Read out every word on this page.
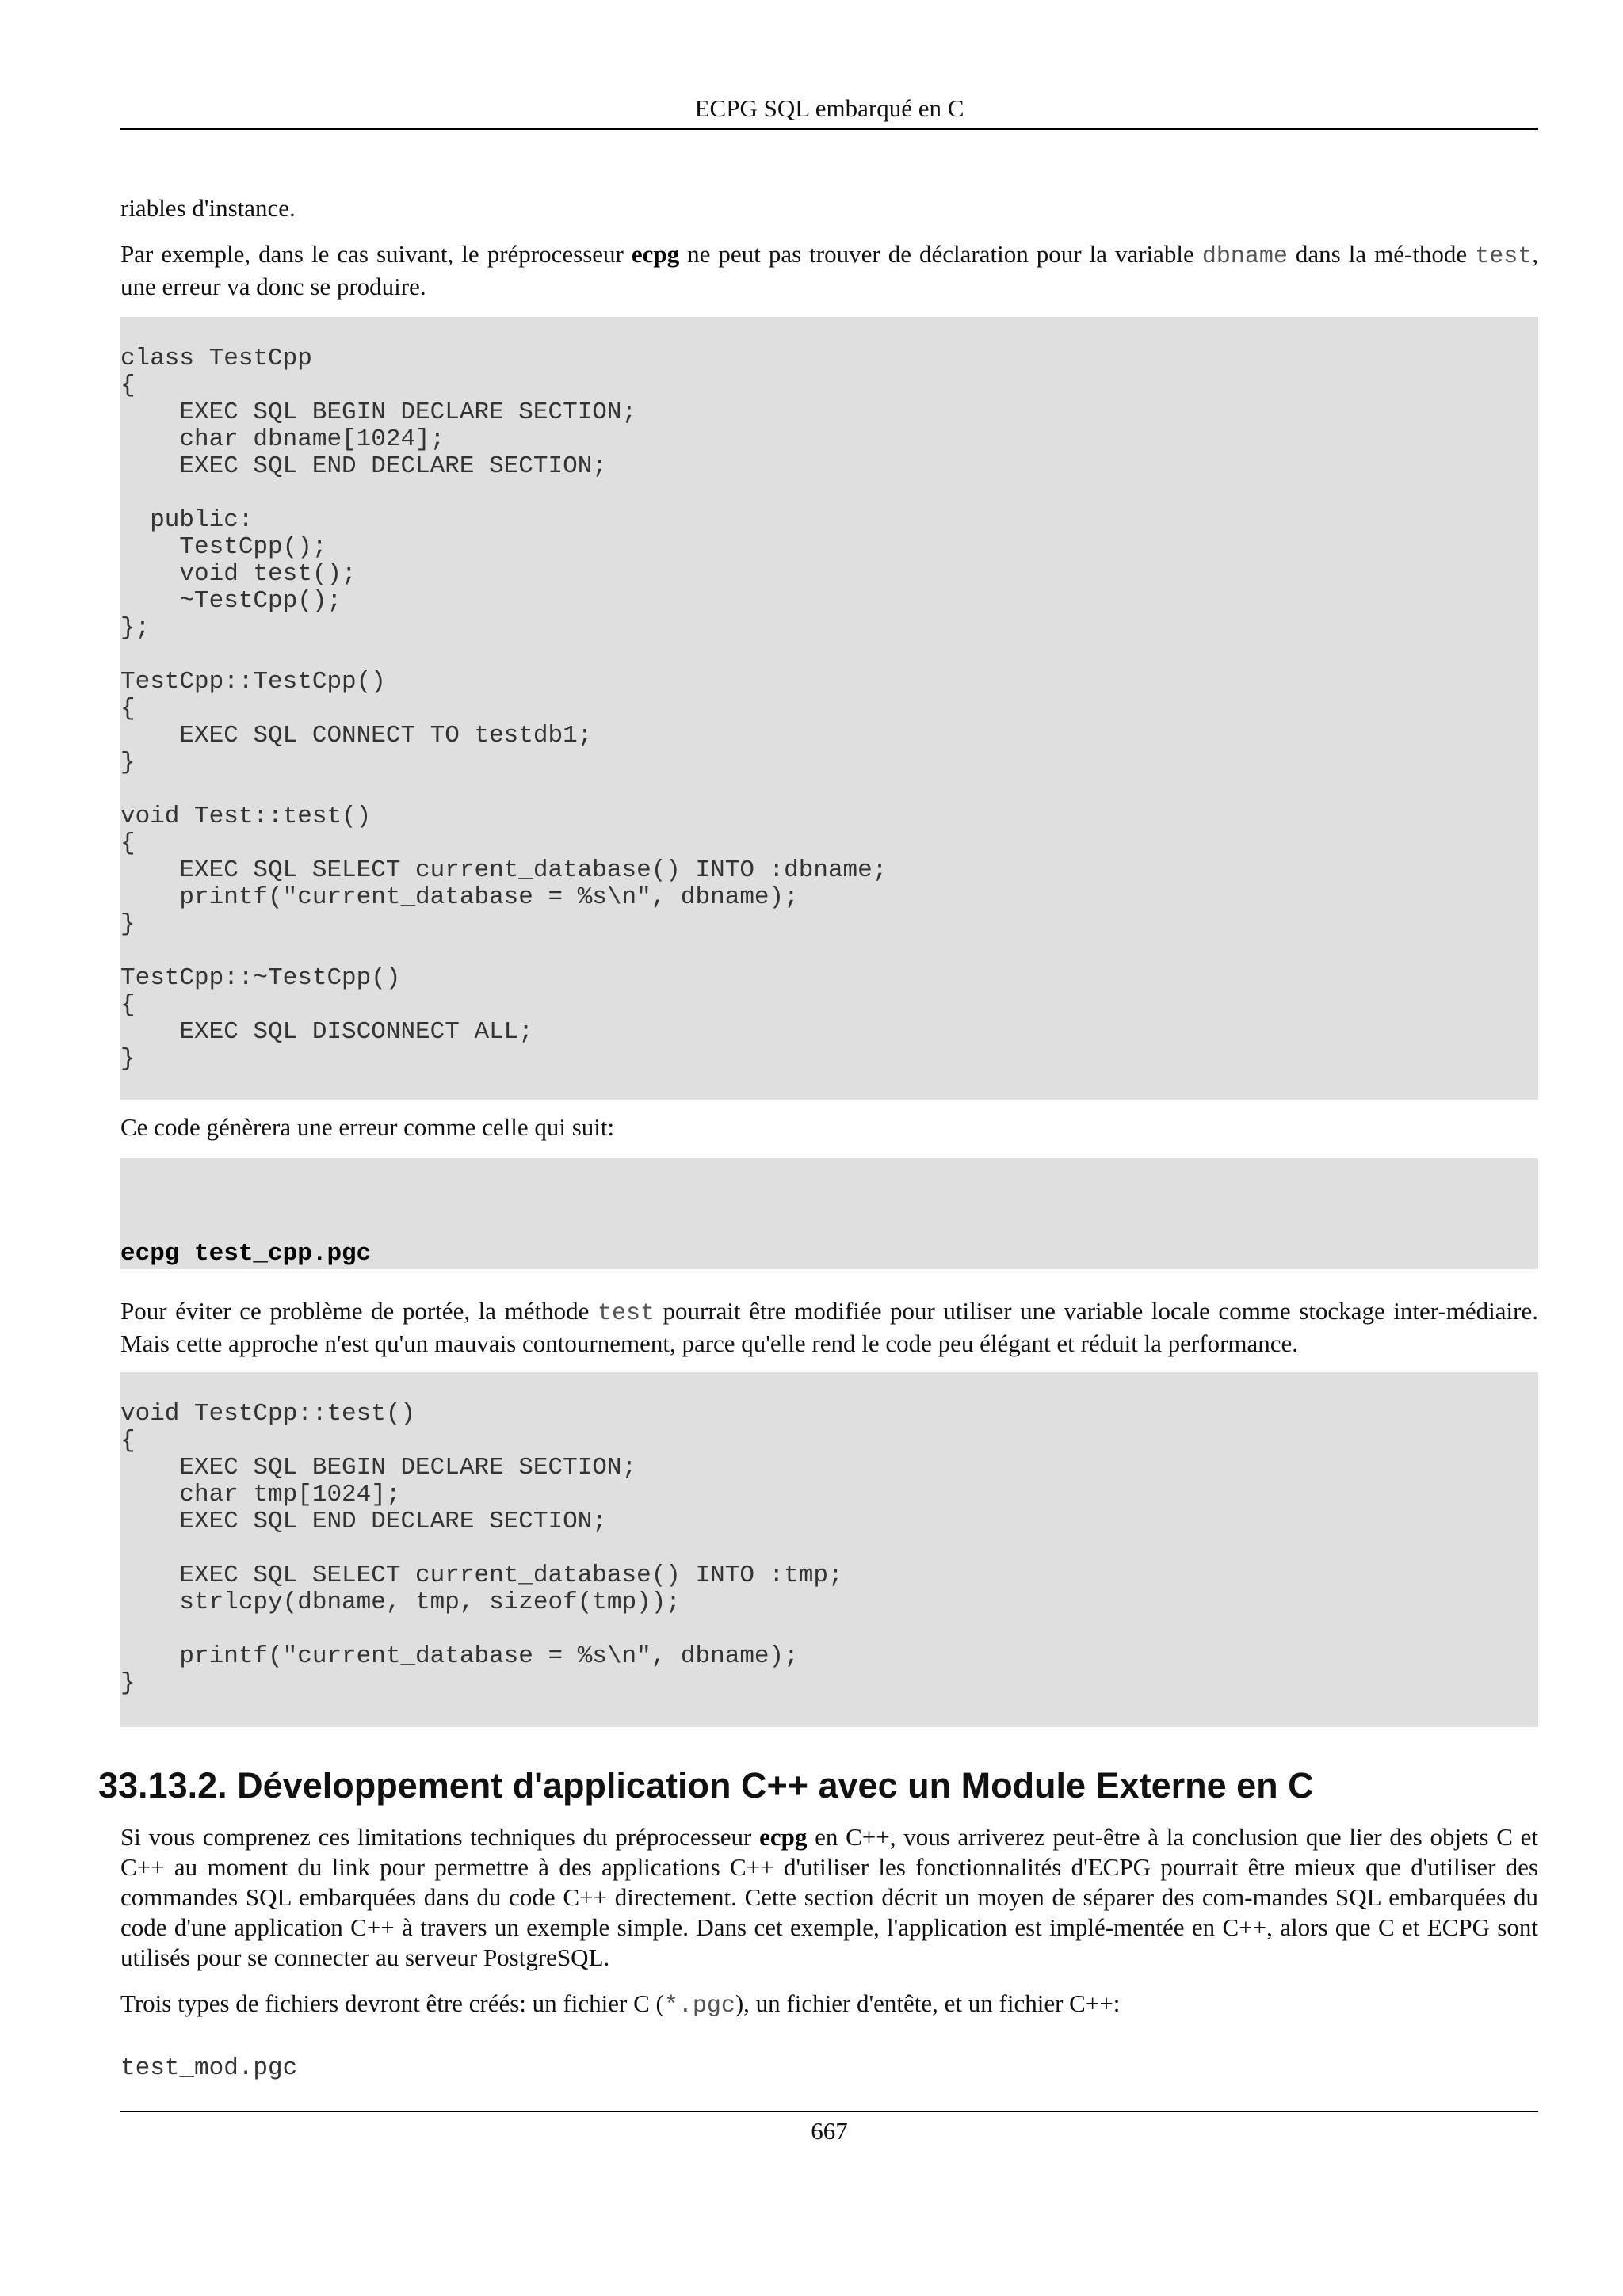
ECPG SQL embarqué en C

riables d'instance.

Par exemple, dans le cas suivant, le préprocesseur ecpg ne peut pas trouver de déclaration pour la variable dbname dans la mé-thode test, une erreur va donc se produire.

class TestCpp
{
EXEC SQL BEGIN DECLARE SECTION;
char dbname[1024];
EXEC SQL END DECLARE SECTION;
public:
TestCpp();
void test();
~TestCpp();
};
TestCpp::TestCpp()
{
EXEC SQL CONNECT TO testdb1;
}
void Test::test()
{
EXEC SQL SELECT current_database() INTO :dbname;
printf("current_database = %s\n", dbname);
}
TestCpp::~TestCpp()
{
EXEC SQL DISCONNECT ALL;
}

Ce code génèrera une erreur comme celle qui suit:

ecpg test_cpp.pgc

Pour éviter ce problème de portée, la méthode test pourrait être modifiée pour utiliser une variable locale comme stockage inter-médiaire. Mais cette approche n'est qu'un mauvais contournement, parce qu'elle rend le code peu élégant et réduit la performance.

void TestCpp::test()
{
EXEC SQL BEGIN DECLARE SECTION;
char tmp[1024];
EXEC SQL END DECLARE SECTION;
EXEC SQL SELECT current_database() INTO :tmp;
strlcpy(dbname, tmp, sizeof(tmp));
printf("current_database = %s\n", dbname);
}
33.13.2. Développement d'application C++ avec un Module Externe en C

Si vous comprenez ces limitations techniques du préprocesseur ecpg en C++, vous arriverez peut-être à la conclusion que lier des objets C et C++ au moment du link pour permettre à des applications C++ d'utiliser les fonctionnalités d'ECPG pourrait être mieux que d'utiliser des commandes SQL embarquées dans du code C++ directement. Cette section décrit un moyen de séparer des com-mandes SQL embarquées du code d'une application C++ à travers un exemple simple. Dans cet exemple, l'application est implé-mentée en C++, alors que C et ECPG sont utilisés pour se connecter au serveur PostgreSQL.

Trois types de fichiers devront être créés: un fichier C (*.pgc), un fichier d'entête, et un fichier C++:

test_mod.pgc
667
